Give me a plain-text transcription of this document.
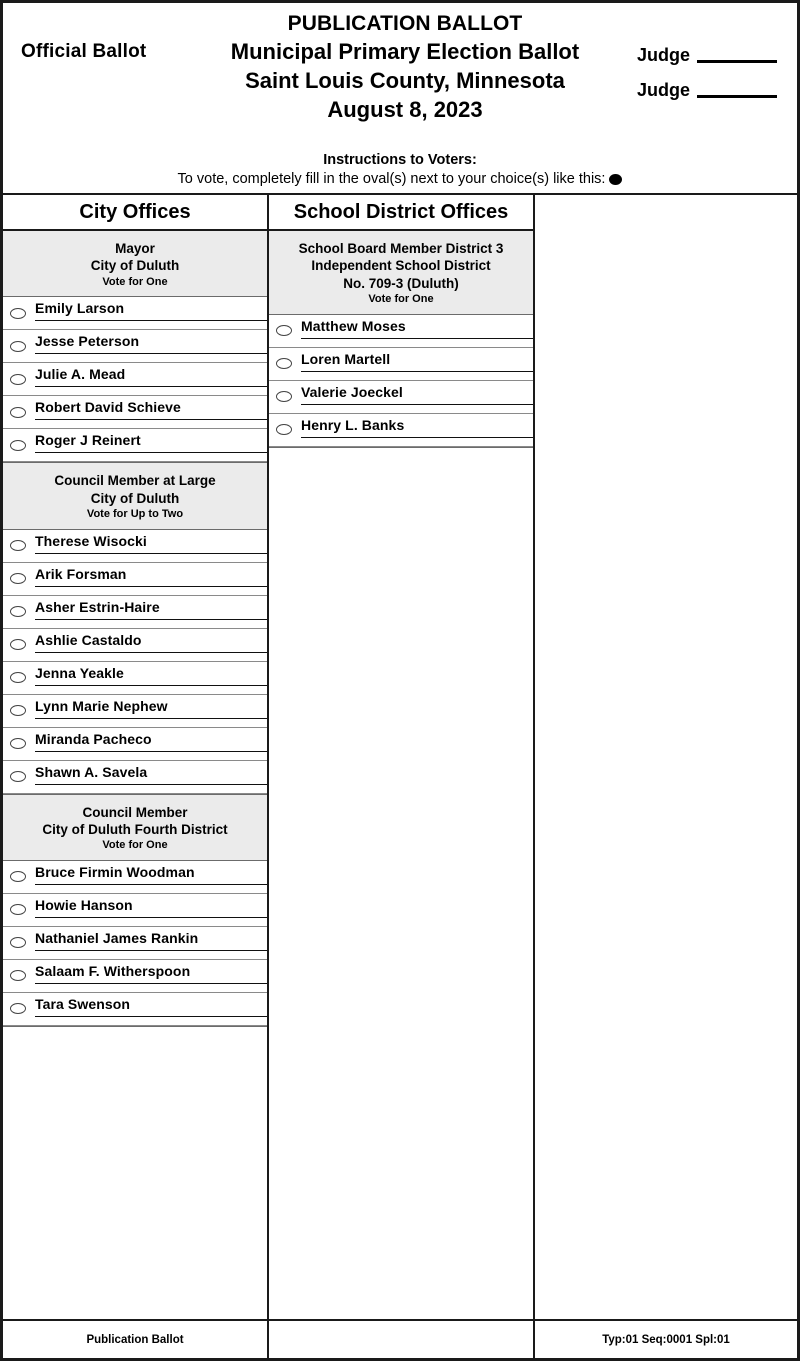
Official Ballot
PUBLICATION BALLOT
Municipal Primary Election Ballot
Saint Louis County, Minnesota
August 8, 2023
Judge
Judge
Instructions to Voters:
To vote, completely fill in the oval(s) next to your choice(s) like this:
City Offices
Mayor
City of Duluth
Vote for One
Emily Larson
Jesse Peterson
Julie A. Mead
Robert David Schieve
Roger J Reinert
Council Member at Large
City of Duluth
Vote for Up to Two
Therese Wisocki
Arik Forsman
Asher Estrin-Haire
Ashlie Castaldo
Jenna Yeakle
Lynn Marie Nephew
Miranda Pacheco
Shawn A. Savela
Council Member
City of Duluth Fourth District
Vote for One
Bruce Firmin Woodman
Howie Hanson
Nathaniel James Rankin
Salaam F. Witherspoon
Tara Swenson
School District Offices
School Board Member District 3
Independent School District
No. 709-3 (Duluth)
Vote for One
Matthew Moses
Loren Martell
Valerie Joeckel
Henry L. Banks
Publication Ballot	Typ:01 Seq:0001 Spl:01
